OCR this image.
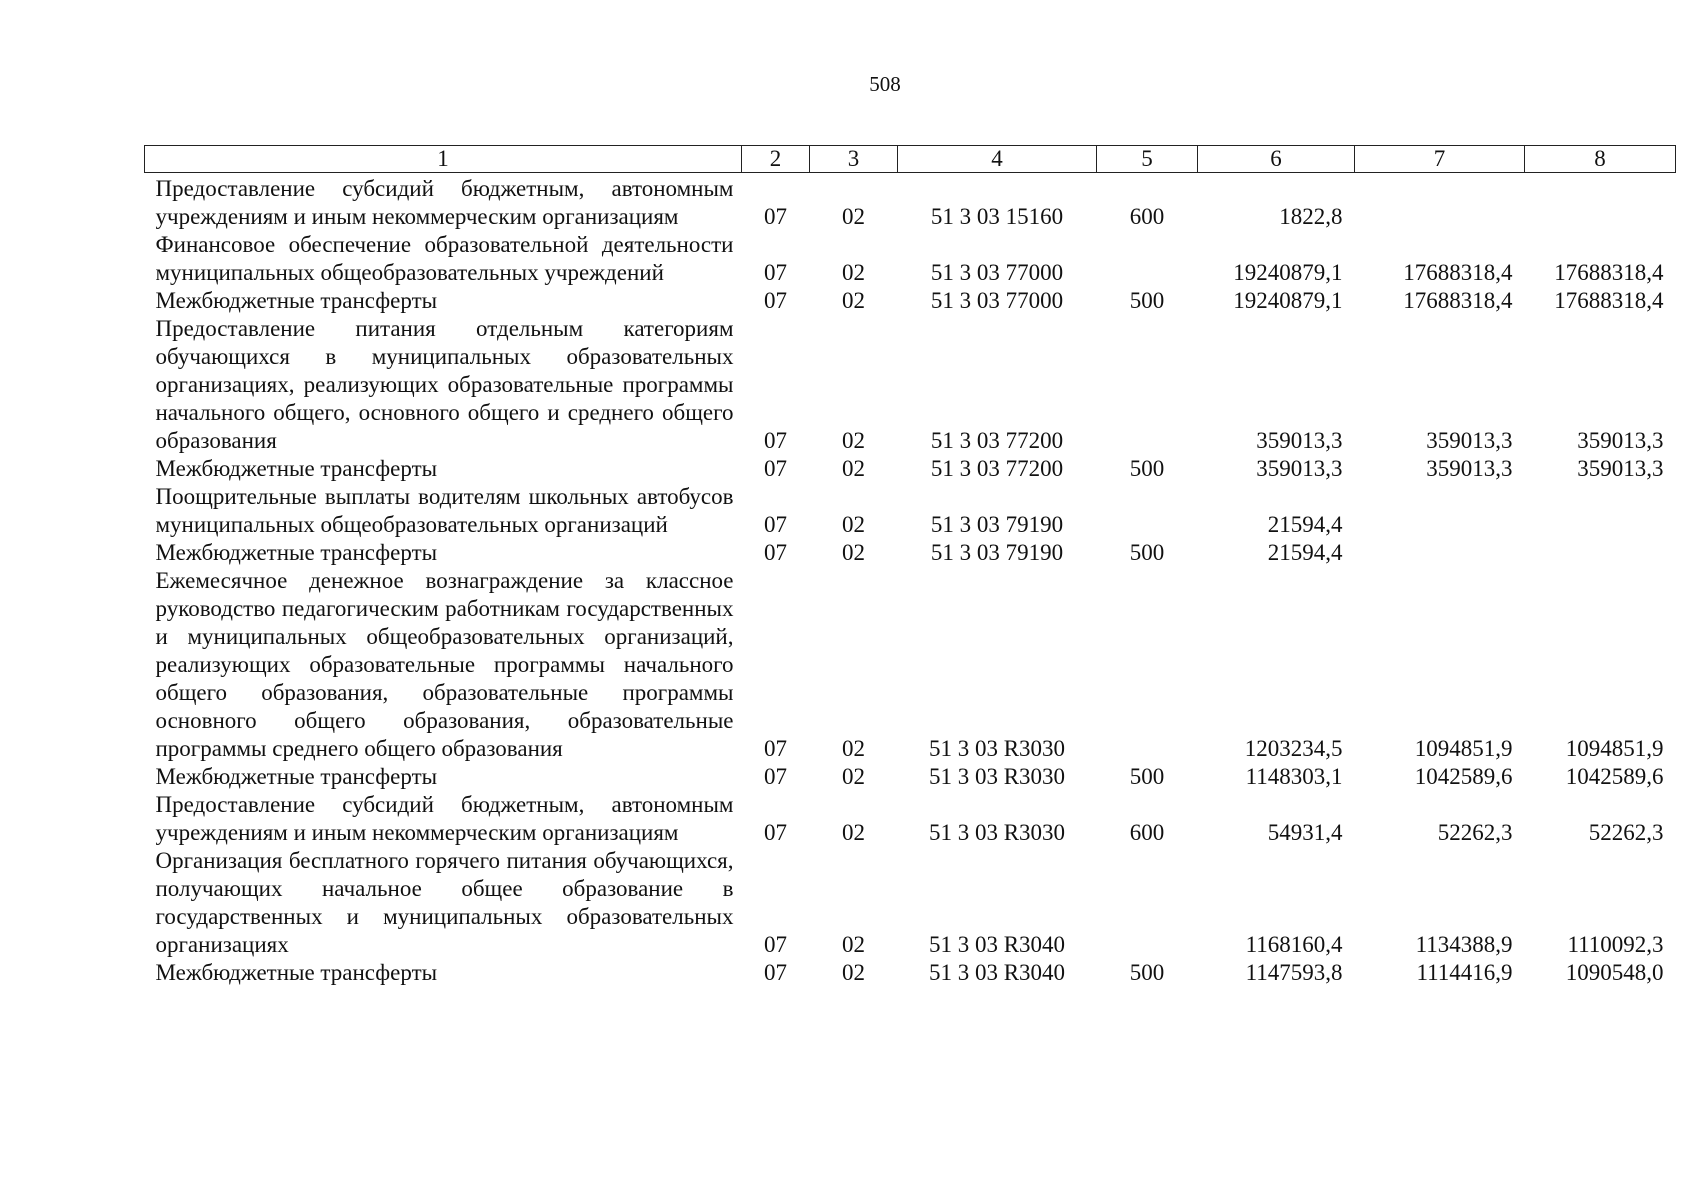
508
1	2	3	4	5	6	7	8
Предоставление субсидий бюджетным, автономным учреждениям и иным некоммерческим организациям	07	02	51 3 03 15160	600	1822,8		
Финансовое обеспечение образовательной деятельности муниципальных общеобразовательных учреждений	07	02	51 3 03 77000		19240879,1	17688318,4	17688318,4
Межбюджетные трансферты	07	02	51 3 03 77000	500	19240879,1	17688318,4	17688318,4
Предоставление питания отдельным категориям обучающихся в муниципальных образовательных организациях, реализующих образовательные программы начального общего, основного общего и среднего общего образования	07	02	51 3 03 77200		359013,3	359013,3	359013,3
Межбюджетные трансферты	07	02	51 3 03 77200	500	359013,3	359013,3	359013,3
Поощрительные выплаты водителям школьных автобусов муниципальных общеобразовательных организаций	07	02	51 3 03 79190		21594,4		
Межбюджетные трансферты	07	02	51 3 03 79190	500	21594,4		
Ежемесячное денежное вознаграждение за классное руководство педагогическим работникам государственных и муниципальных общеобразовательных организаций, реализующих образовательные программы начального общего образования, образовательные программы основного общего образования, образовательные программы среднего общего образования	07	02	51 3 03 R3030		1203234,5	1094851,9	1094851,9
Межбюджетные трансферты	07	02	51 3 03 R3030	500	1148303,1	1042589,6	1042589,6
Предоставление субсидий бюджетным, автономным учреждениям и иным некоммерческим организациям	07	02	51 3 03 R3030	600	54931,4	52262,3	52262,3
Организация бесплатного горячего питания обучающихся, получающих начальное общее образование в государственных и муниципальных образовательных организациях	07	02	51 3 03 R3040		1168160,4	1134388,9	1110092,3
Межбюджетные трансферты	07	02	51 3 03 R3040	500	1147593,8	1114416,9	1090548,0
